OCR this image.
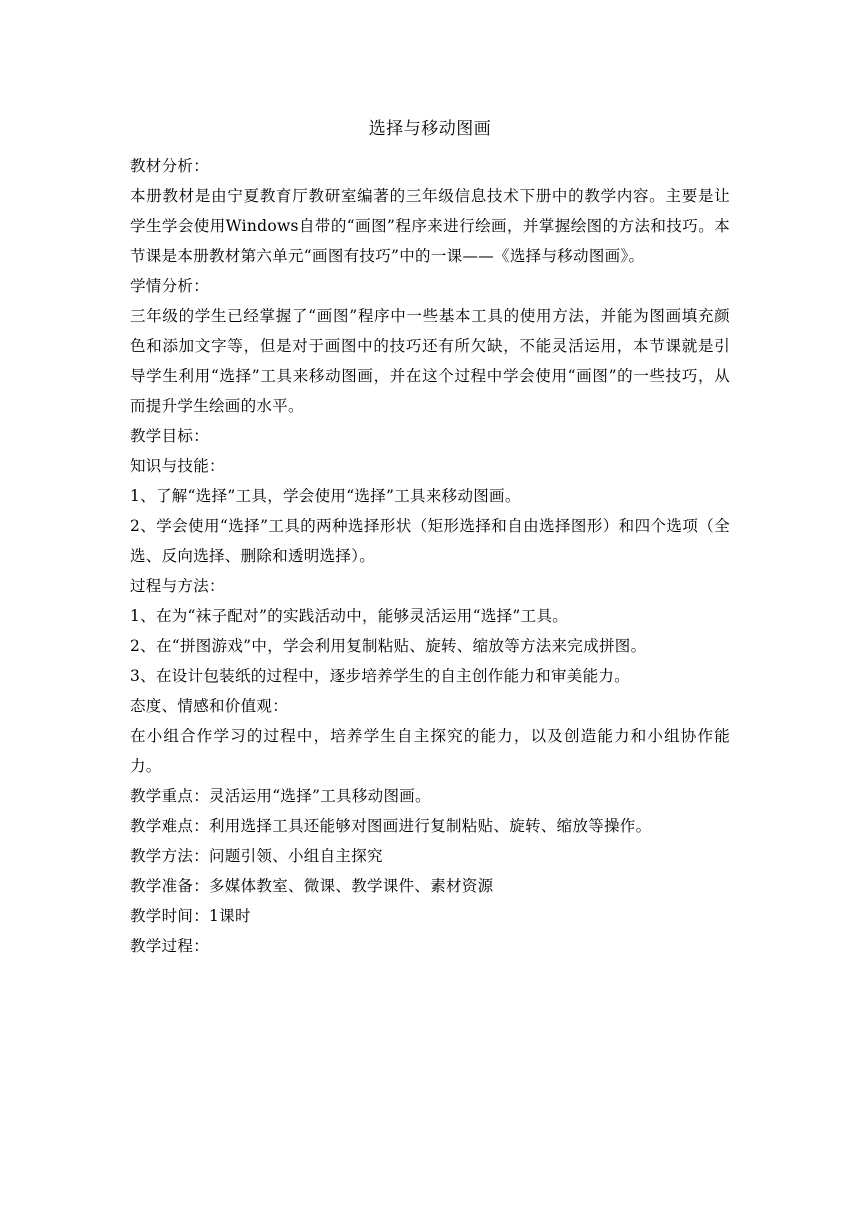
选择与移动图画

教材分析：

本册教材是由宁夏教育厅教研室编著的三年级信息技术下册中的教学内容。主要是让学生学会使用Windows自带的“画图”程序来进行绘画，并掌握绘图的方法和技巧。本节课是本册教材第六单元“画图有技巧”中的一课——《选择与移动图画》。

学情分析：

三年级的学生已经掌握了“画图”程序中一些基本工具的使用方法，并能为图画填充颜色和添加文字等，但是对于画图中的技巧还有所欠缺，不能灵活运用，本节课就是引导学生利用“选择”工具来移动图画，并在这个过程中学会使用“画图”的一些技巧，从而提升学生绘画的水平。

教学目标：

知识与技能：

1、了解“选择”工具，学会使用“选择”工具来移动图画。

2、学会使用“选择”工具的两种选择形状（矩形选择和自由选择图形）和四个选项（全选、反向选择、删除和透明选择）。

过程与方法：

1、在为“袜子配对”的实践活动中，能够灵活运用“选择”工具。

2、在“拼图游戏”中，学会利用复制粘贴、旋转、缩放等方法来完成拼图。

3、在设计包装纸的过程中，逐步培养学生的自主创作能力和审美能力。

态度、情感和价值观：

在小组合作学习的过程中，培养学生自主探究的能力，以及创造能力和小组协作能力。

教学重点：灵活运用“选择”工具移动图画。

教学难点：利用选择工具还能够对图画进行复制粘贴、旋转、缩放等操作。

教学方法：问题引领、小组自主探究

教学准备：多媒体教室、微课、教学课件、素材资源

教学时间：1课时

教学过程：
